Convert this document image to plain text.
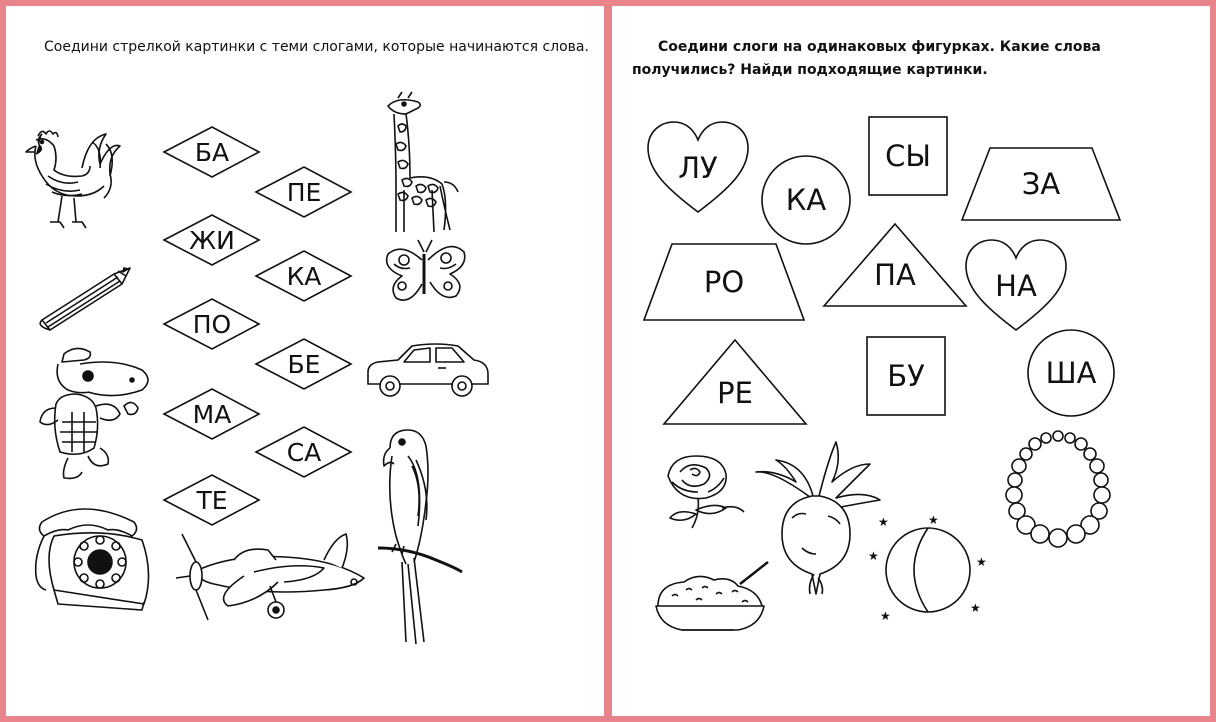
Соедини стрелкой картинки с теми слогами, которые начинаются слова.

БА
ПЕ
ЖИ
КА
ПО
БЕ
МА
СА
ТЕ

Соедини слоги на одинаковых фигурках. Какие слова получились? Найди подходящие картинки.

ЛУ
КА
СЫ
ЗА
РО	ПА	НА
РЕ	БУ	ША
★	★
★	★
★
★
